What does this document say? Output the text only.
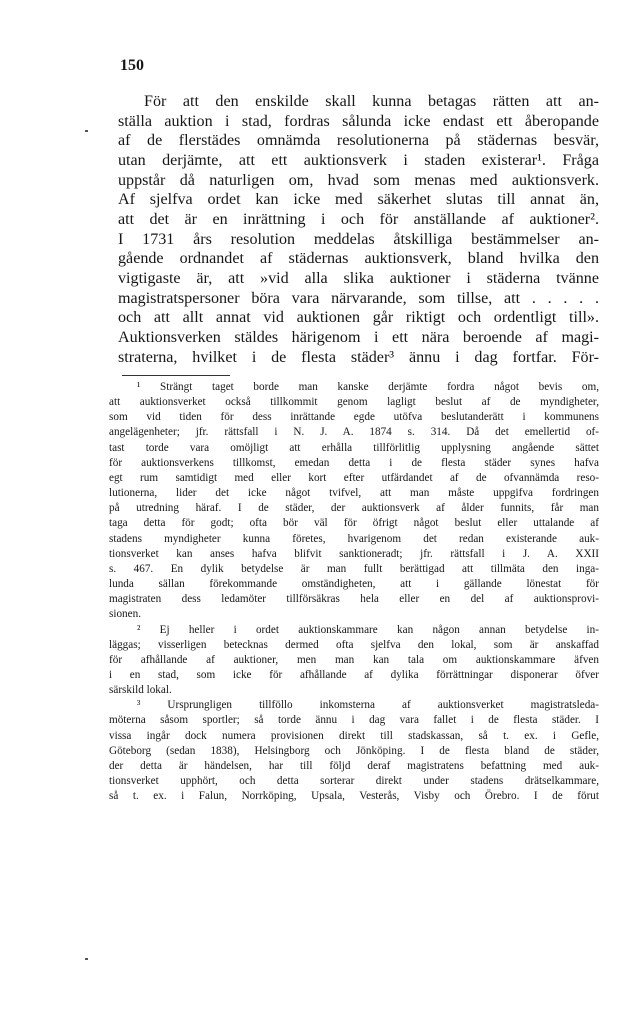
150
För att den enskilde skall kunna betagas rätten att an-
ställa auktion i stad, fordras sålunda icke endast ett åberopande
af de flerstädes omnämda resolutionerna på städernas besvär,
utan derjämte, att ett auktionsverk i staden existerar¹. Fråga
uppstår då naturligen om, hvad som menas med auktionsverk.
Af sjelfva ordet kan icke med säkerhet slutas till annat än,
att det är en inrättning i och för anställande af auktioner².
I 1731 års resolution meddelas åtskilliga bestämmelser an-
gående ordnandet af städernas auktionsverk, bland hvilka den
vigtigaste är, att »vid alla slika auktioner i städerna tvänne
magistratspersoner böra vara närvarande, som tillse, att . . . . .
och att allt annat vid auktionen går riktigt och ordentligt till».
Auktionsverken stäldes härigenom i ett nära beroende af magi-
straterna, hvilket i de flesta städer³ ännu i dag fortfar. För-
¹ Strängt taget borde man kanske derjämte fordra något bevis om,
att auktionsverket också tillkommit genom lagligt beslut af de myndigheter,
som vid tiden för dess inrättande egde utöfva beslutanderätt i kommunens
angelägenheter; jfr. rättsfall i N. J. A. 1874 s. 314. Då det emellertid of-
tast torde vara omöjligt att erhålla tillförlitlig upplysning angående sättet
för auktionsverkens tillkomst, emedan detta i de flesta städer synes hafva
egt rum samtidigt med eller kort efter utfärdandet af de ofvannämda reso-
lutionerna, lider det icke något tvifvel, att man måste uppgifva fordringen
på utredning häraf. I de städer, der auktionsverk af ålder funnits, får man
taga detta för godt; ofta bör väl för öfrigt något beslut eller uttalande af
stadens myndigheter kunna företes, hvarigenom det redan existerande auk-
tionsverket kan anses hafva blifvit sanktioneradt; jfr. rättsfall i J. A. XXII
s. 467. En dylik betydelse är man fullt berättigad att tillmäta den inga-
lunda sällan förekommande omständigheten, att i gällande lönestat för
magistraten dess ledamöter tillförsäkras hela eller en del af auktionsprovi-
sionen.
² Ej heller i ordet auktionskammare kan någon annan betydelse in-
läggas; visserligen betecknas dermed ofta sjelfva den lokal, som är anskaffad
för afhållande af auktioner, men man kan tala om auktionskammare äfven
i en stad, som icke för afhållande af dylika förrättningar disponerar öfver
särskild lokal.
³ Ursprungligen tillföllo inkomsterna af auktionsverket magistratsleda-
möterna såsom sportler; så torde ännu i dag vara fallet i de flesta städer. I
vissa ingår dock numera provisionen direkt till stadskassan, så t. ex. i Gefle,
Göteborg (sedan 1838), Helsingborg och Jönköping. I de flesta bland de städer,
der detta är händelsen, har till följd deraf magistratens befattning med auk-
tionsverket upphört, och detta sorterar direkt under stadens drätselkammare,
så t. ex. i Falun, Norrköping, Upsala, Vesterås, Visby och Örebro. I de förut
